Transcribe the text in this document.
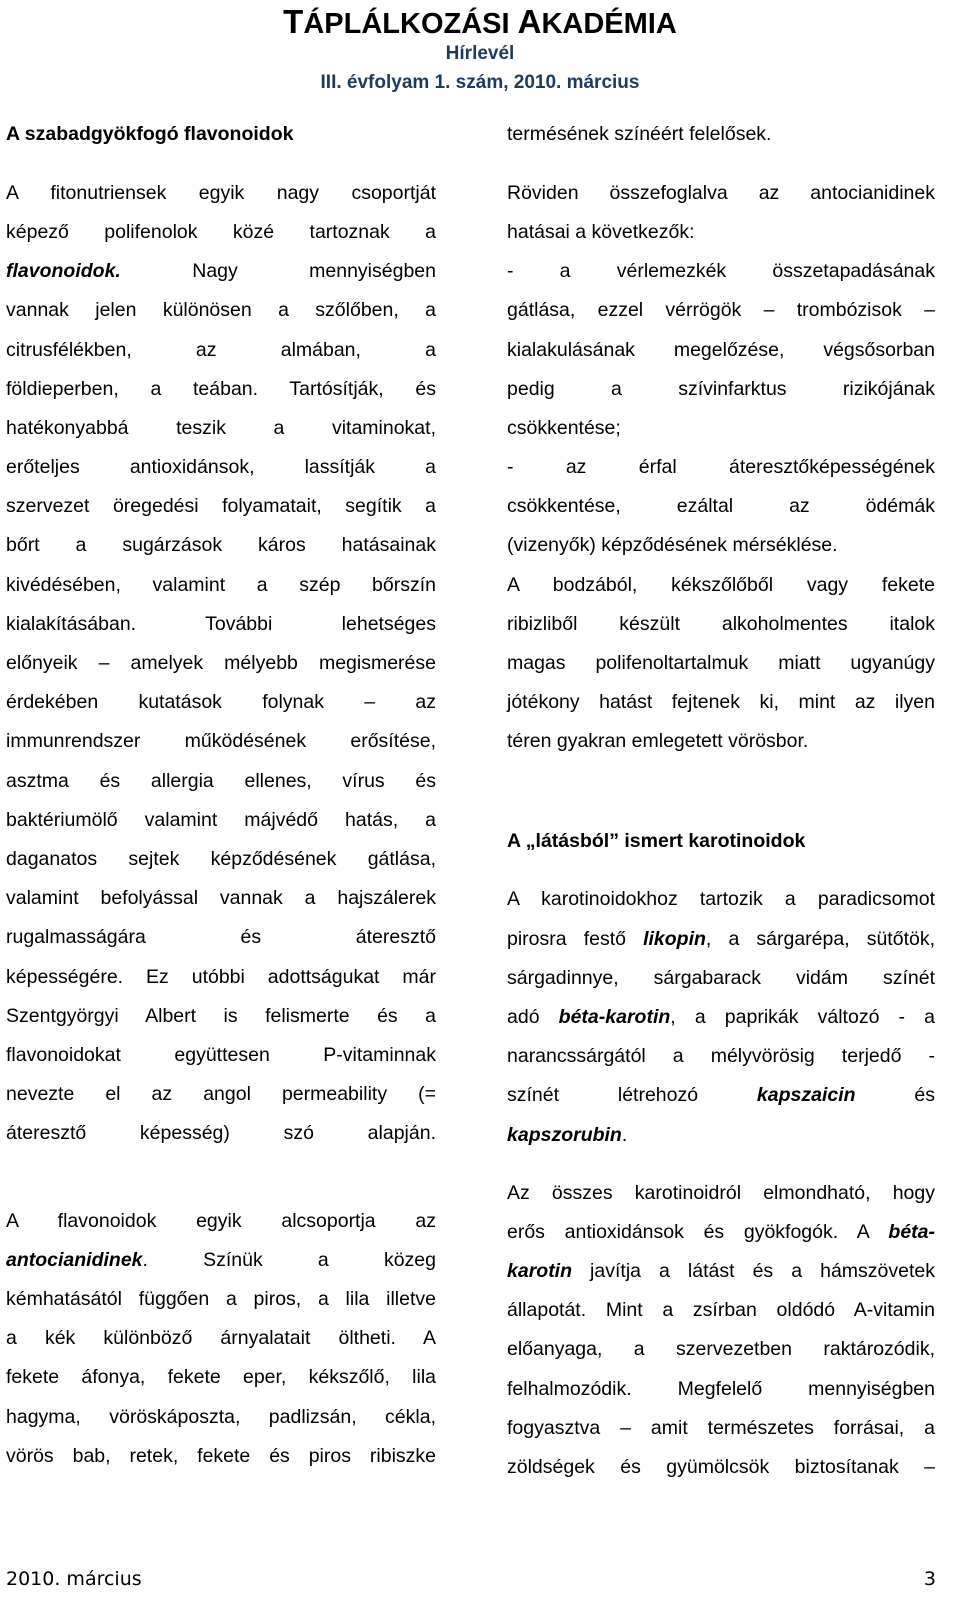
TÁPLÁLKOZÁSI AKADÉMIA
Hírlevél
III. évfolyam 1. szám, 2010. március
A szabadgyökfogó flavonoidok
A fitonutriensek egyik nagy csoportját
képező polifenolok közé tartoznak a
flavonoidok. Nagy mennyiségben
vannak jelen különösen a szőlőben, a
citrusfélékben, az almában, a
földieperben, a teában. Tartósítják, és
hatékonyabbá teszik a vitaminokat,
erőteljes antioxidánsok, lassítják a
szervezet öregedési folyamatait, segítik a
bőrt a sugárzások káros hatásainak
kivédésében, valamint a szép bőrszín
kialakításában. További lehetséges
előnyeik – amelyek mélyebb megismerése
érdekében kutatások folynak – az
immunrendszer működésének erősítése,
asztma és allergia ellenes, vírus és
baktériumölő valamint májvédő hatás, a
daganatos sejtek képződésének gátlása,
valamint befolyással vannak a hajszálerek
rugalmasságára és áteresztő
képességére. Ez utóbbi adottságukat már
Szentgyörgyi Albert is felismerte és a
flavonoidokat együttesen P-vitaminnak
nevezte el az angol permeability (=
áteresztő képesség) szó alapján.
A flavonoidok egyik alcsoportja az
antocianidinek. Színük a közeg
kémhatásától függően a piros, a lila illetve
a kék különböző árnyalatait öltheti. A
fekete áfonya, fekete eper, kékszőlő, lila
hagyma, vöröskáposzta, padlizsán, cékla,
vörös bab, retek, fekete és piros ribiszke
termésének színéért felelősek.
Röviden összefoglalva az antocianidinek
hatásai a következők:
- a vérlemezkék összetapadásának
gátlása, ezzel vérrögök – trombózisok –
kialakulásának megelőzése, végsősorban
pedig a szívinfarktus rizikójának
csökkentése;
- az érfal áteresztőképességének
csökkentése, ezáltal az ödémák
(vizenyők) képződésének mérséklése.
A bodzából, kékszőlőből vagy fekete
ribizliből készült alkoholmentes italok
magas polifenoltartalmuk miatt ugyanúgy
jótékony hatást fejtenek ki, mint az ilyen
téren gyakran emlegetett vörösbor.
A „látásból” ismert karotinoidok
A karotinoidokhoz tartozik a paradicsomot
pirosra festő likopin, a sárgarépa, sütőtök,
sárgadinnye, sárgabarack vidám színét
adó béta-karotin, a paprikák változó - a
narancssárgától a mélyvörösig terjedő -
színét létrehozó kapszaicin és
kapszorubin.
Az összes karotinoidról elmondható, hogy
erős antioxidánsok és gyökfogók. A béta-
karotin javítja a látást és a hámszövetek
állapotát. Mint a zsírban oldódó A-vitamin
előanyaga, a szervezetben raktározódik,
felhalmozódik. Megfelelő mennyiségben
fogyasztva – amit természetes forrásai, a
zöldségek és gyümölcsök biztosítanak –
2010. március	3
